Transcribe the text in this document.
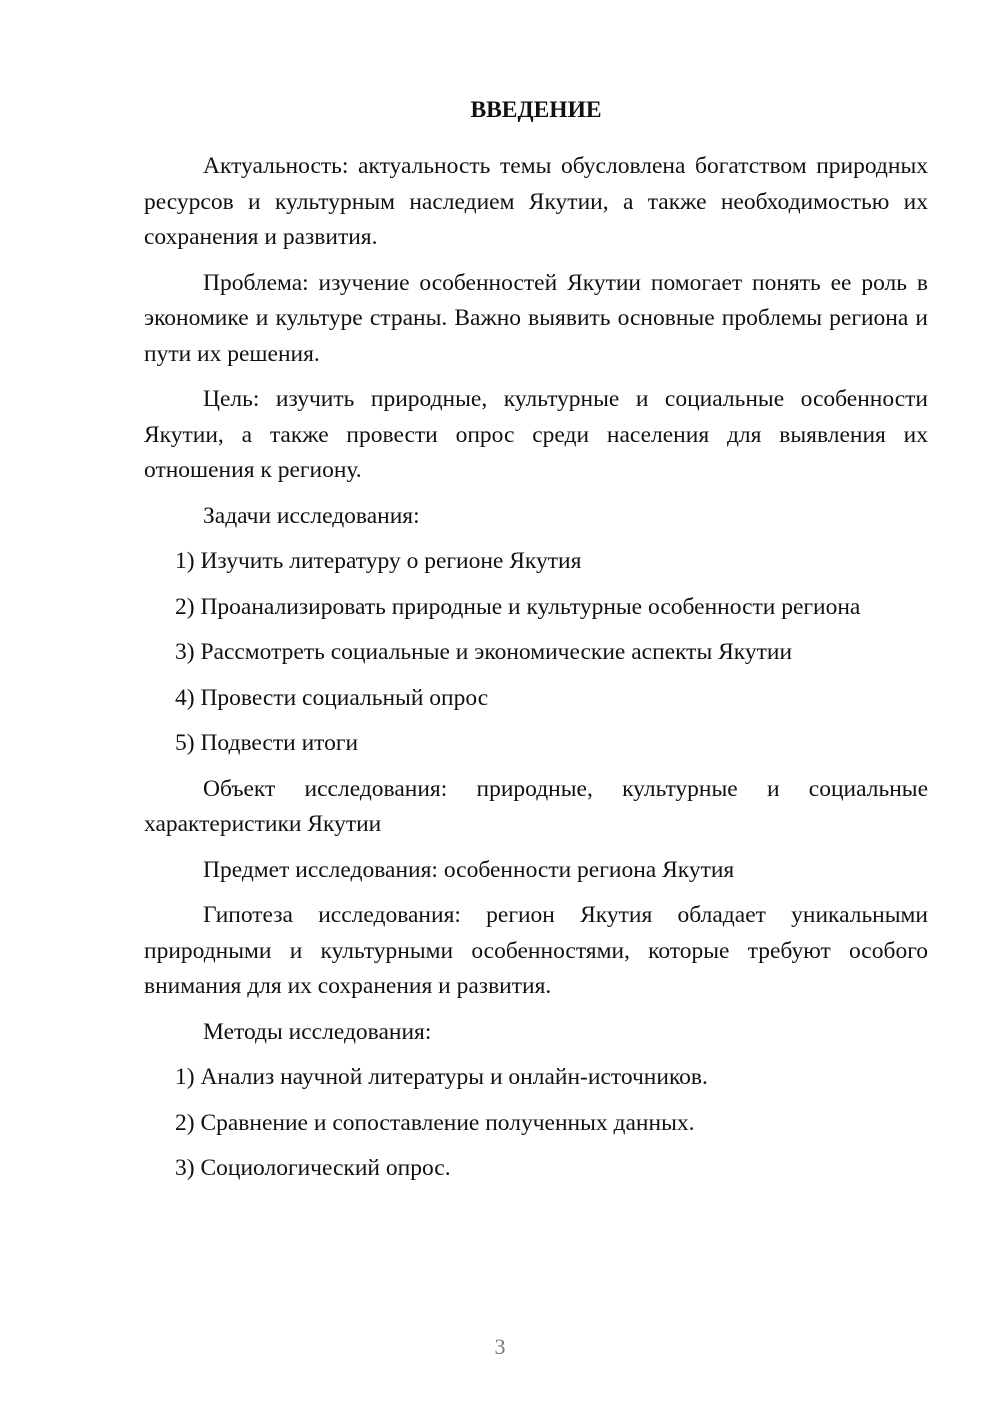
ВВЕДЕНИЕ

Актуальность: актуальность темы обусловлена богатством природных ресурсов и культурным наследием Якутии, а также необходимостью их сохранения и развития.

Проблема: изучение особенностей Якутии помогает понять ее роль в экономике и культуре страны. Важно выявить основные проблемы региона и пути их решения.

Цель: изучить природные, культурные и социальные особенности Якутии, а также провести опрос среди населения для выявления их отношения к региону.

Задачи исследования:

1) Изучить литературу о регионе Якутия

2) Проанализировать природные и культурные особенности региона

3) Рассмотреть социальные и экономические аспекты Якутии

4) Провести социальный опрос

5) Подвести итоги

Объект исследования: природные, культурные и социальные характеристики Якутии

Предмет исследования: особенности региона Якутия

Гипотеза исследования: регион Якутия обладает уникальными природными и культурными особенностями, которые требуют особого внимания для их сохранения и развития.

Методы исследования:

1) Анализ научной литературы и онлайн-источников.

2) Сравнение и сопоставление полученных данных.

3) Социологический опрос.

3
